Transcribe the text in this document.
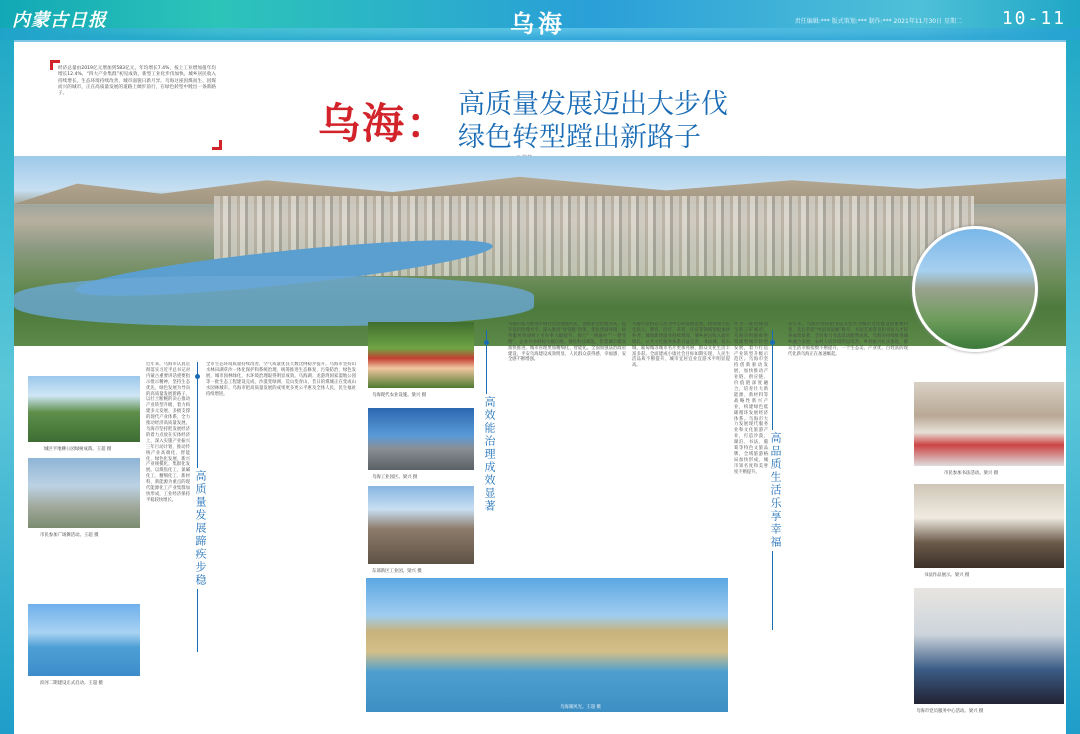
内蒙古日报	乌海	责任编辑:*** 版式策划:*** 制作:*** 2021年11月30日 星期二 10-11
经济总量由2019亿元增加到583亿元，年均增长7.4%，按上工业增加值年均增长12.4%，“四大产业集群”初见成效，新型工业化步伐加快。城乡居民收入持续增长。生态环境持续改善，城市面貌日新月异。乌海这座因煤而生、因煤而兴的城市，正在高质量发展的道路上阔步前行，在绿色转型中蹚出一条新路子。
乌海： 高质量发展迈出大步伐
绿色转型蹚出新路子
城区平地柳公园绿树成荫。王超 摄
市民参加广场舞活动。王超 摄
滨河二期建设正式启动。王超 摄
高质量发展蹄疾步稳
近年来，乌海市认真贯彻落实习近平总书记对内蒙古重要讲话重要指示批示精神，坚持生态优先、绿色发展为导向的高质量发展新路子，以壮士断腕的决心推动产业转型升级，着力构建多元发展、多极支撑的现代产业体系，全力推动经济高质量发展。乌海市坚持把发展经济的着力点放在实体经济上，深入实施产业振兴三年行动计划，推动传统产业高端化、智能化、绿色化发展，新兴产业规模化、集群化发展。以煤焦化工、氯碱化工、精细化工、新材料、新能源为重点的现代能源化工产业集群加快形成，工业经济保持平稳较快增长。
全市生态环境质量持续改善，空气质量优良天数比例稳步提升。乌海市坚持山水林田湖草沙一体化保护和系统治理，统筹推进生态修复、污染防治、绿色发展，城市园林绿化、水环境治理取得明显成效。乌海湖、龙游湾国家湿地公园等一批生态工程建设完成，沙漠变绿洲、荒山变青山，昔日的煤城正在变成山水园林城市。乌海市把高质量发展的成果更多更公平惠及全体人民，民生福祉持续增进。	乌海现代农业设施。梁兴 摄
乌海工业园区。梁兴 摄
东部新区工业园。梁兴 摄
高效能治理成效显著
乌海市着力推进市域社会治理现代化，创新社会治理方式，提升基层治理水平。深入推进“放管服”改革，优化营商环境，政务服务事项网上可办率大幅提升。推行“一网通办”“一窗受理”，企业开办时间大幅压缩。强化科技赋能，智慧城市建设加快推进，城市管理更加精细化、智能化。全面加强法治政府建设，平安乌海建设成效明显，人民群众获得感、幸福感、安全感不断增强。
乌海市坚持以人民为中心的发展思想，持续加大民生投入，教育、医疗、养老、住房等领域短板加快补齐。城镇新增就业持续增加，城乡居民收入稳步增长。公共文化服务体系日益完善，书法城、赏石城、葡萄城等城市名片更加亮丽，群众文化生活丰富多彩。全面建成小康社会目标如期实现，人民生活品质不断提升，城市宜居宜业宜游水平明显提高。
乌海湖风光。王超 摄
高品质生活乐享幸福
作为一座因煤而生的工矿城市，乌海市积极推进资源型城市转型发展，着力打造产业转型升级示范区。乌海市坚持创新驱动发展，加快推动产业链、供应链、价值链深度融合，培育壮大新能源、新材料等战略性新兴产业，构建绿色低碳循环发展经济体系。乌海市大力发展现代服务业和文化旅游产业，打造沙漠、湖泊、书法、葡萄等特色文旅品牌，全域旅游格局加快形成，城市知名度和美誉度不断提升。
多年来，乌海市坚持把书法文化作为城市文化建设的重要内容，先后荣获“中国书法城”称号，书法艺术普及和书法人才培养成效显著，全民参与书法活动蔚然成风。乌海市持续推进城乡融合发展，农村人居环境明显改善，乡村振兴扎实推进，群众生活幸福指数不断提升，一个生态美、产业优、百姓富的现代化新乌海正在加速崛起。
市民参加书法活动。梁兴 摄
书法作品展示。梁兴 摄
乌海市党员服务中心活动。梁兴 摄
